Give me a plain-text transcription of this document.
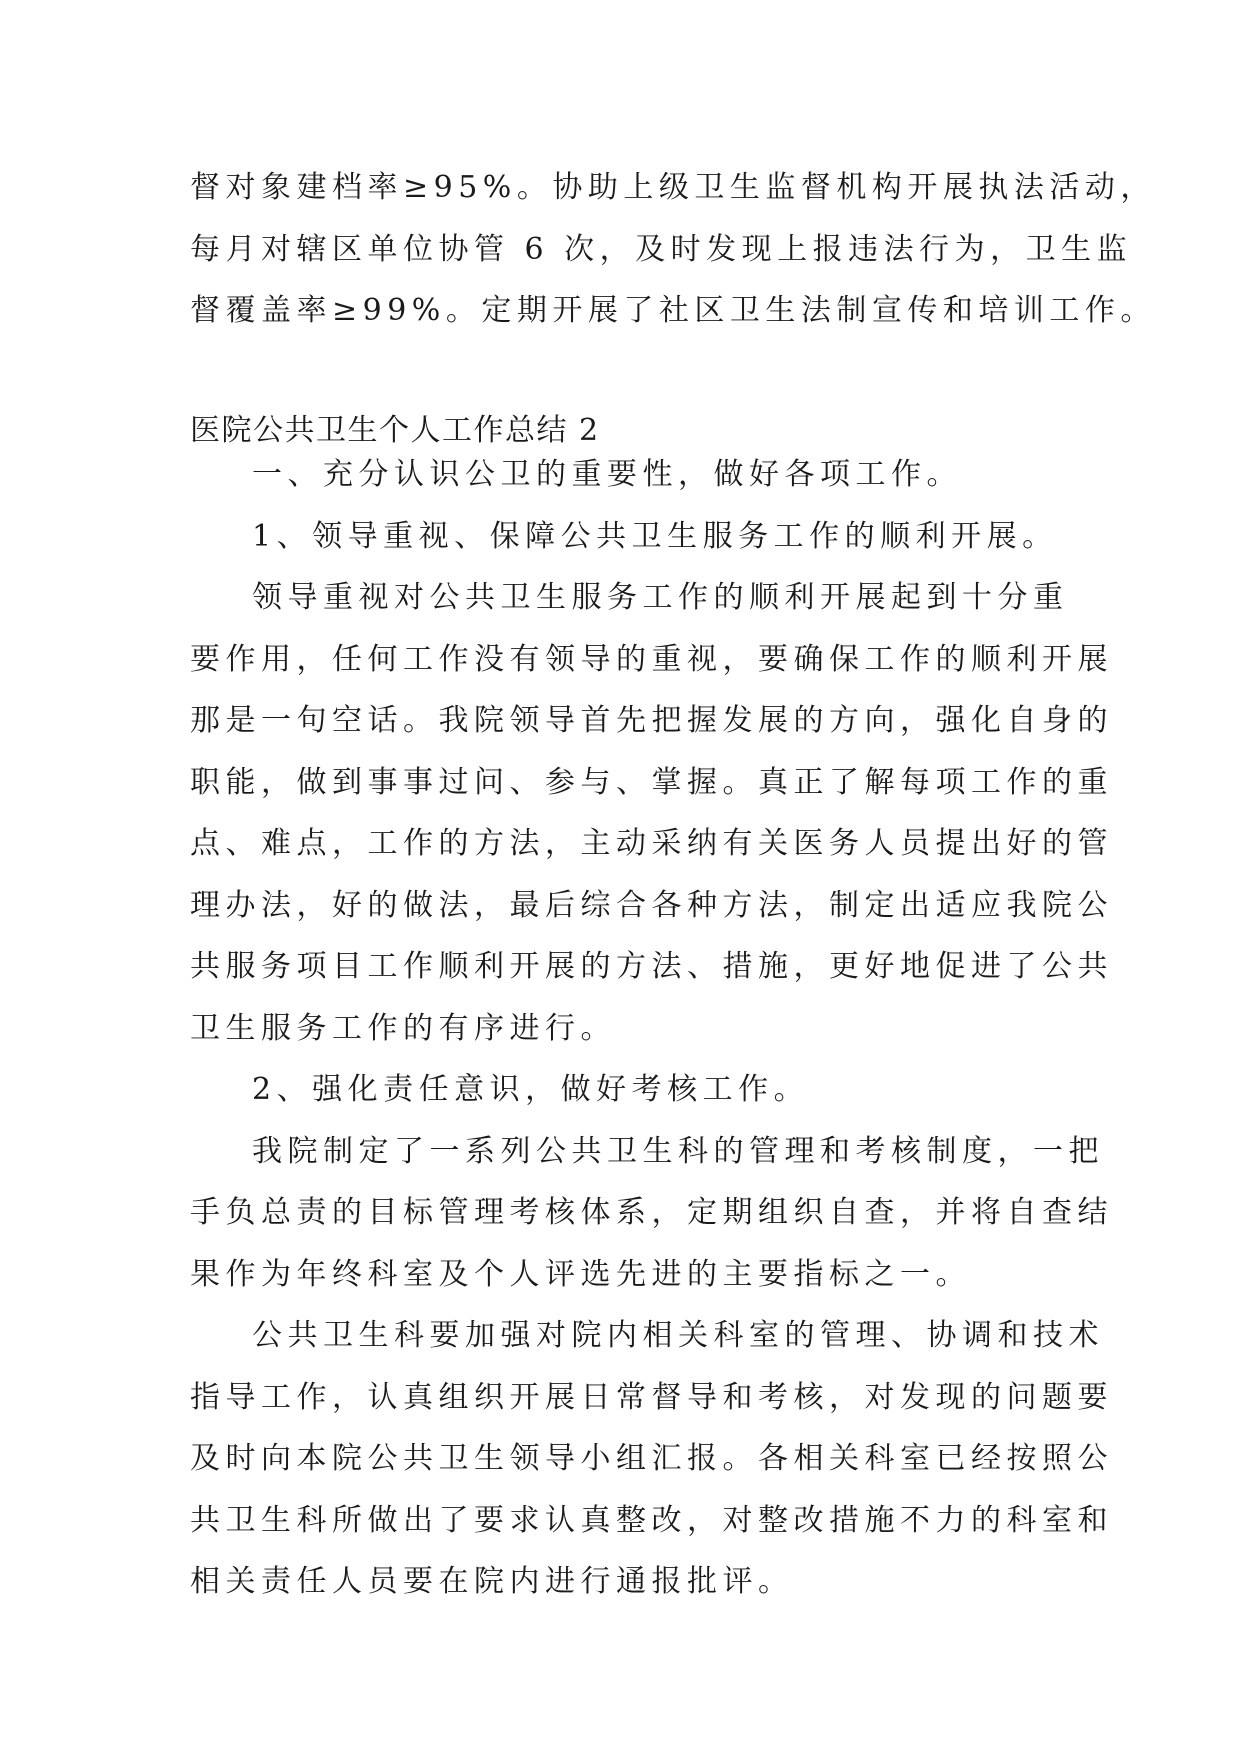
督对象建档率≥95%。协助上级卫生监督机构开展执法活动，
每月对辖区单位协管 6 次，及时发现上报违法行为，卫生监
督覆盖率≥99%。定期开展了社区卫生法制宣传和培训工作。
医院公共卫生个人工作总结 2
一、充分认识公卫的重要性，做好各项工作。
1、领导重视、保障公共卫生服务工作的顺利开展。
领导重视对公共卫生服务工作的顺利开展起到十分重
要作用，任何工作没有领导的重视，要确保工作的顺利开展
那是一句空话。我院领导首先把握发展的方向，强化自身的
职能，做到事事过问、参与、掌握。真正了解每项工作的重
点、难点，工作的方法，主动采纳有关医务人员提出好的管
理办法，好的做法，最后综合各种方法，制定出适应我院公
共服务项目工作顺利开展的方法、措施，更好地促进了公共
卫生服务工作的有序进行。
2、强化责任意识，做好考核工作。
我院制定了一系列公共卫生科的管理和考核制度，一把
手负总责的目标管理考核体系，定期组织自查，并将自查结
果作为年终科室及个人评选先进的主要指标之一。
公共卫生科要加强对院内相关科室的管理、协调和技术
指导工作，认真组织开展日常督导和考核，对发现的问题要
及时向本院公共卫生领导小组汇报。各相关科室已经按照公
共卫生科所做出了要求认真整改，对整改措施不力的科室和
相关责任人员要在院内进行通报批评。
